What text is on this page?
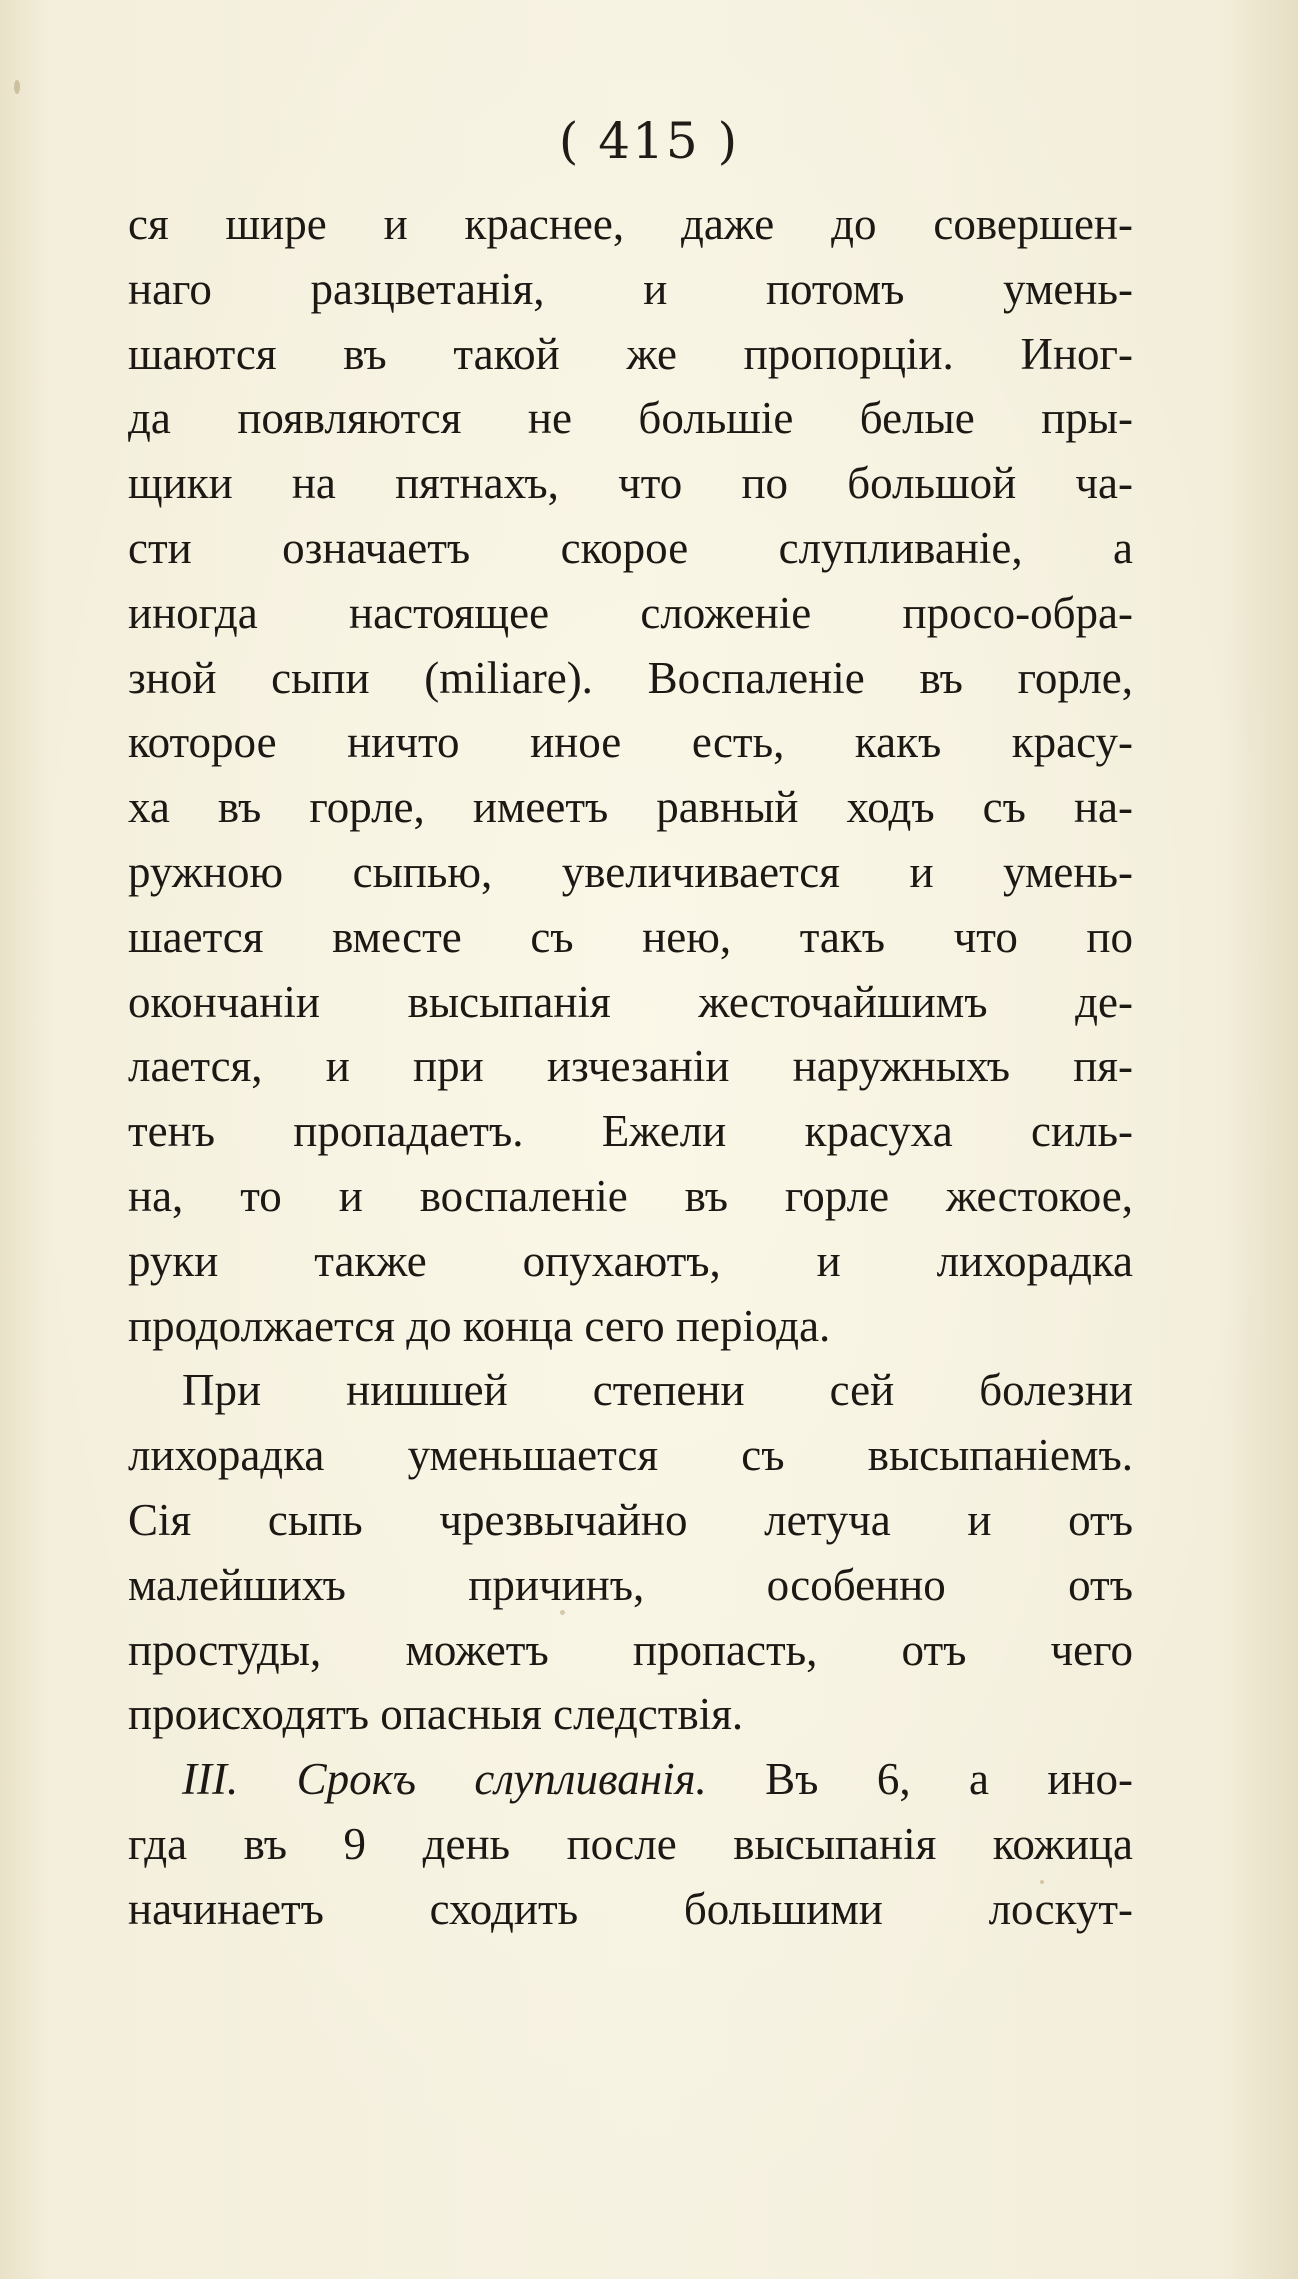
( 415 )
ся шире и краснее, даже до совершен-
наго разцветанія, и потомъ умень-
шаются въ такой же пропорціи. Иног-
да появляются не большіе белые пры-
щики на пятнахъ, что по большой ча-
сти означаетъ скорое слупливаніе, а
иногда настоящее сложеніе просо-обра-
зной сыпи (miliare). Воспаленіе въ горле,
которое ничто иное есть, какъ красу-
ха въ горле, имеетъ равный ходъ съ на-
ружною сыпью, увеличивается и умень-
шается вместе съ нею, такъ что по
окончаніи высыпанія жесточайшимъ де-
лается, и при изчезаніи наружныхъ пя-
тенъ пропадаетъ. Ежели красуха силь-
на, то и воспаленіе въ горле жестокое,
руки также опухаютъ, и лихорадка
продолжается до конца сего періода.
При нишшей степени сей болезни
лихорадка уменьшается съ высыпаніемъ.
Сія сыпь чрезвычайно летуча и отъ
малейшихъ причинъ, особенно отъ
простуды, можетъ пропасть, отъ чего
происходятъ опасныя следствія.
III. Срокъ слупливанія. Въ 6, а ино-
гда въ 9 день после высыпанія кожица
начинаетъ сходить большими лоскут-
